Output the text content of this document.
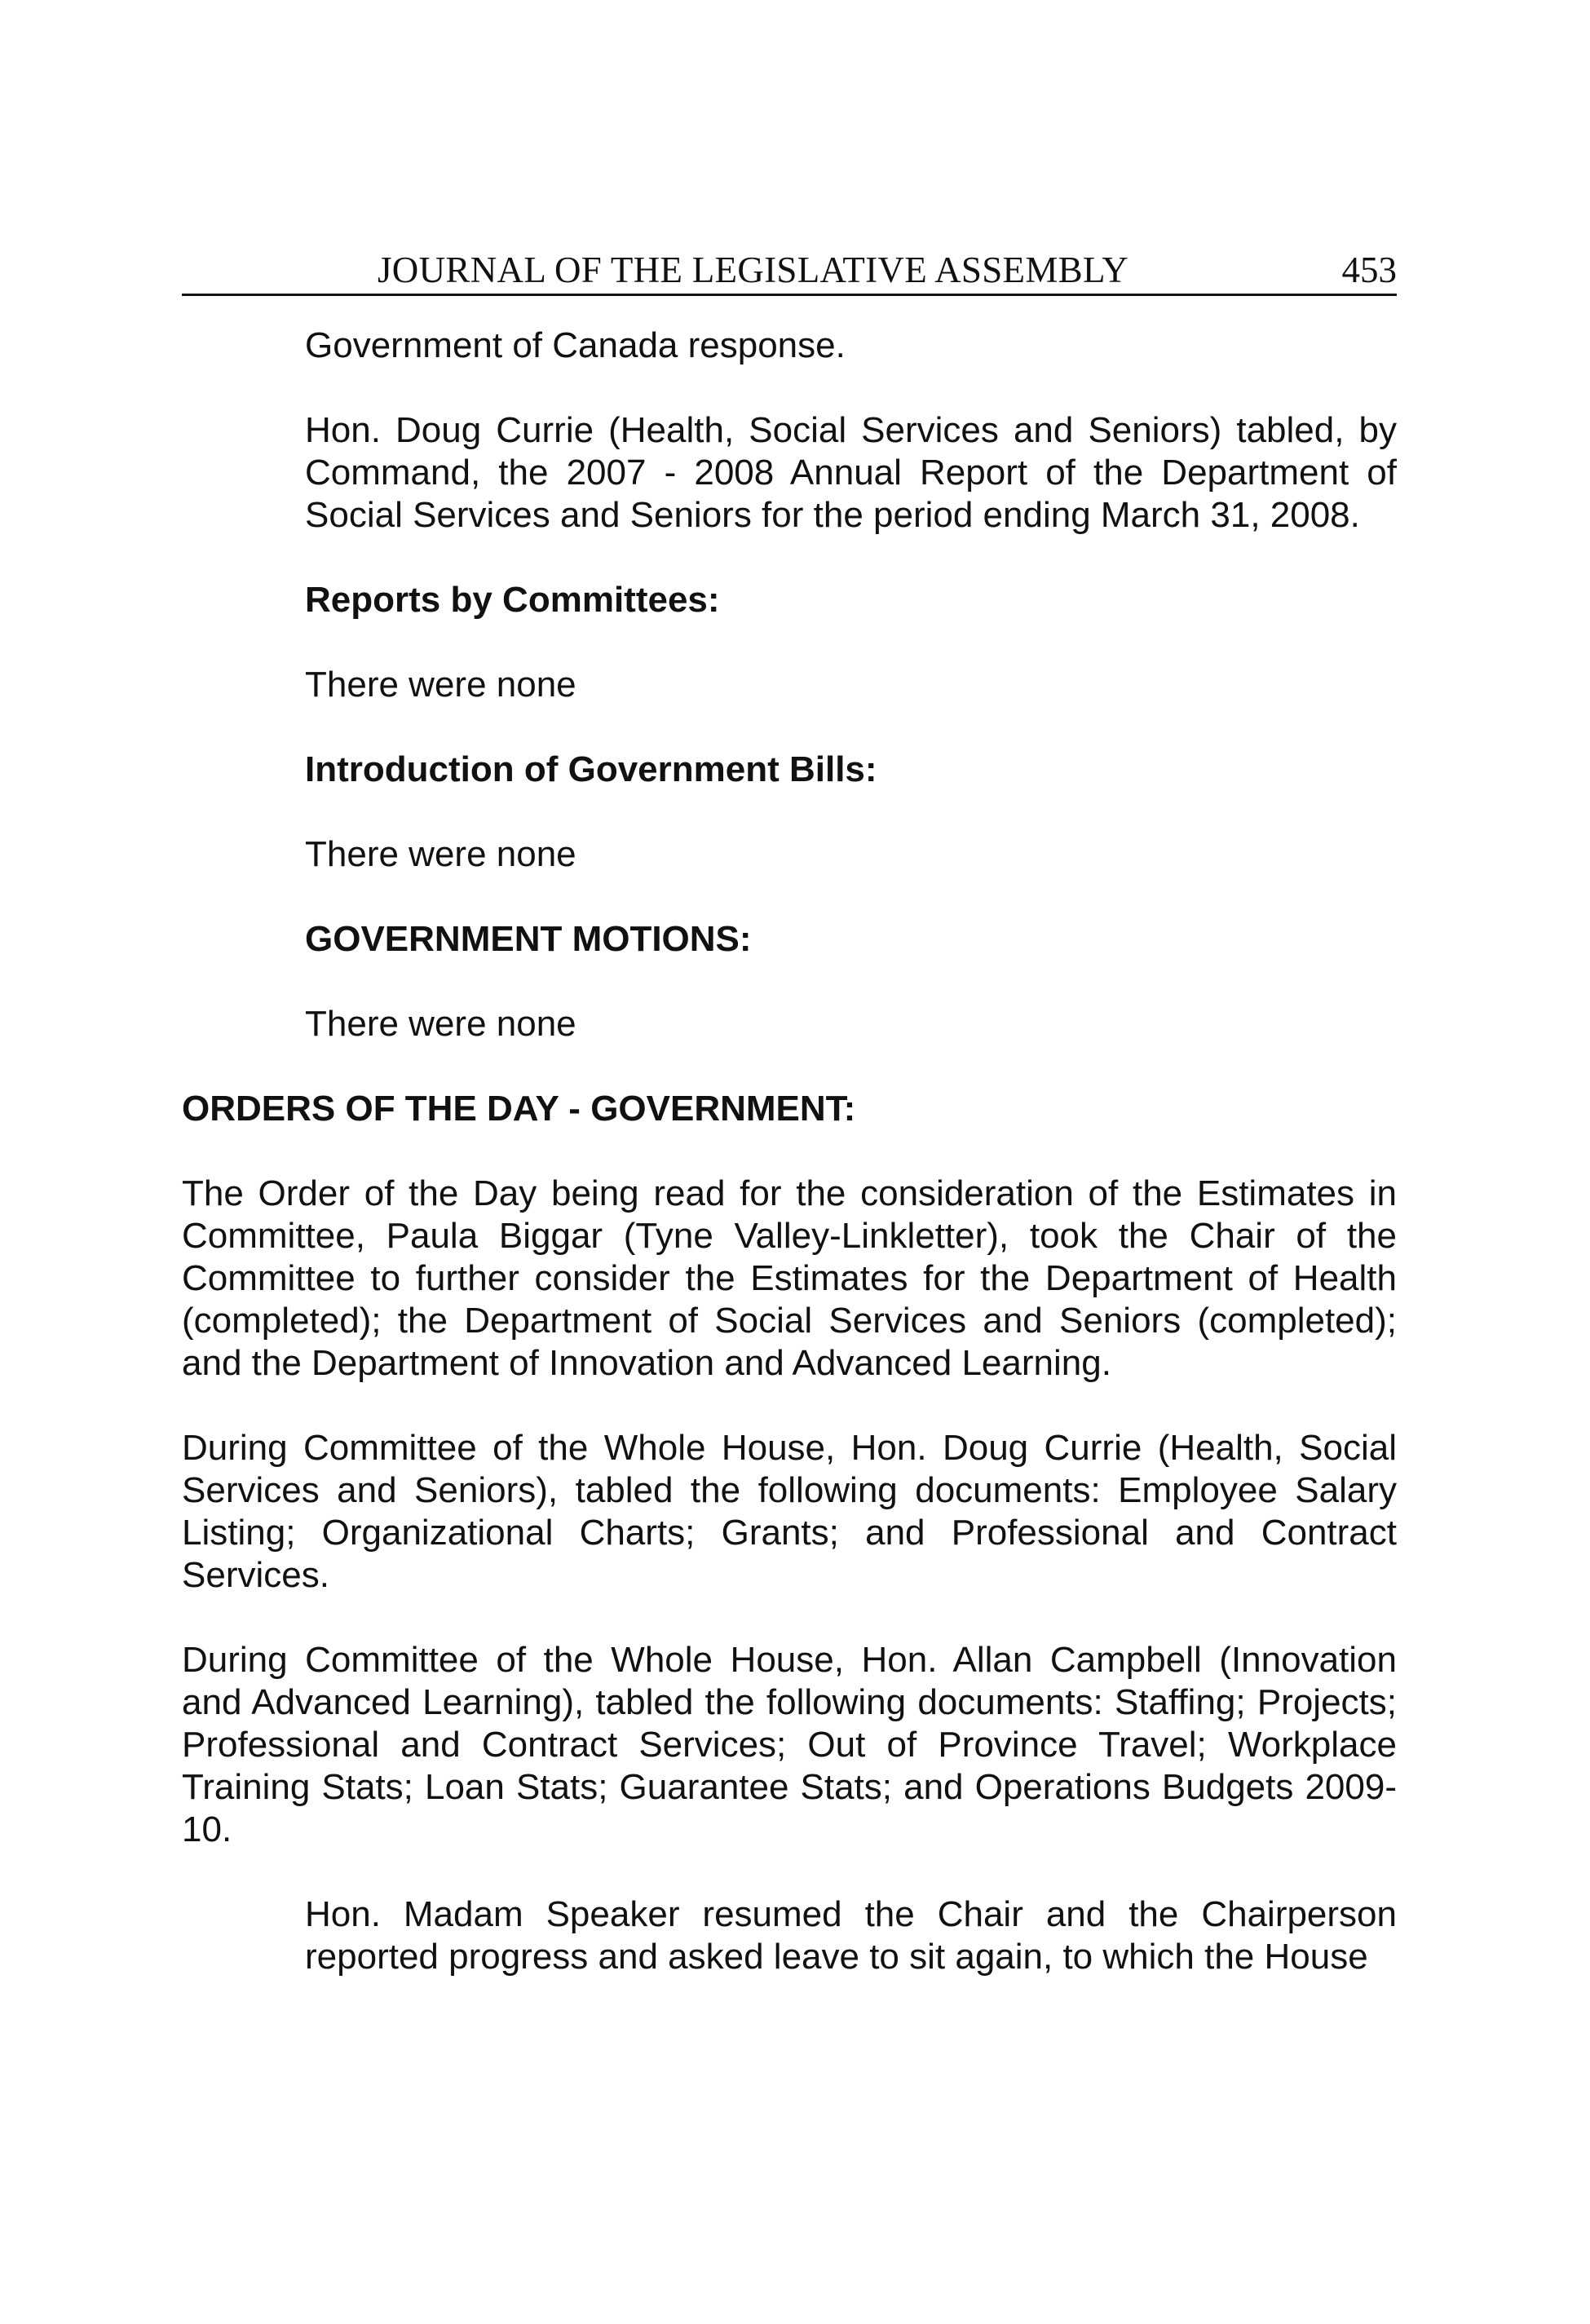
JOURNAL OF THE LEGISLATIVE ASSEMBLY	453

Government of Canada response.

Hon. Doug Currie (Health, Social Services and Seniors) tabled, by Command, the 2007 - 2008 Annual Report of the Department of Social Services and Seniors for the period ending March 31, 2008.

Reports by Committees:

There were none

Introduction of Government Bills:

There were none

GOVERNMENT MOTIONS:

There were none

ORDERS OF THE DAY - GOVERNMENT:

The Order of the Day being read for the consideration of the Estimates in Committee, Paula Biggar (Tyne Valley-Linkletter), took the Chair of the Committee to further consider the Estimates for the Department of Health (completed); the Department of Social Services and Seniors (completed); and the Department of Innovation and Advanced Learning.

During Committee of the Whole House, Hon. Doug Currie (Health, Social Services and Seniors), tabled the following documents: Employee Salary Listing; Organizational Charts; Grants; and Professional and Contract Services.

During Committee of the Whole House, Hon. Allan Campbell (Innovation and Advanced Learning), tabled the following documents: Staffing; Projects; Professional and Contract Services; Out of Province Travel; Workplace Training Stats; Loan Stats; Guarantee Stats; and Operations Budgets 2009-10.

Hon. Madam Speaker resumed the Chair and the Chairperson reported progress and asked leave to sit again, to which the House
